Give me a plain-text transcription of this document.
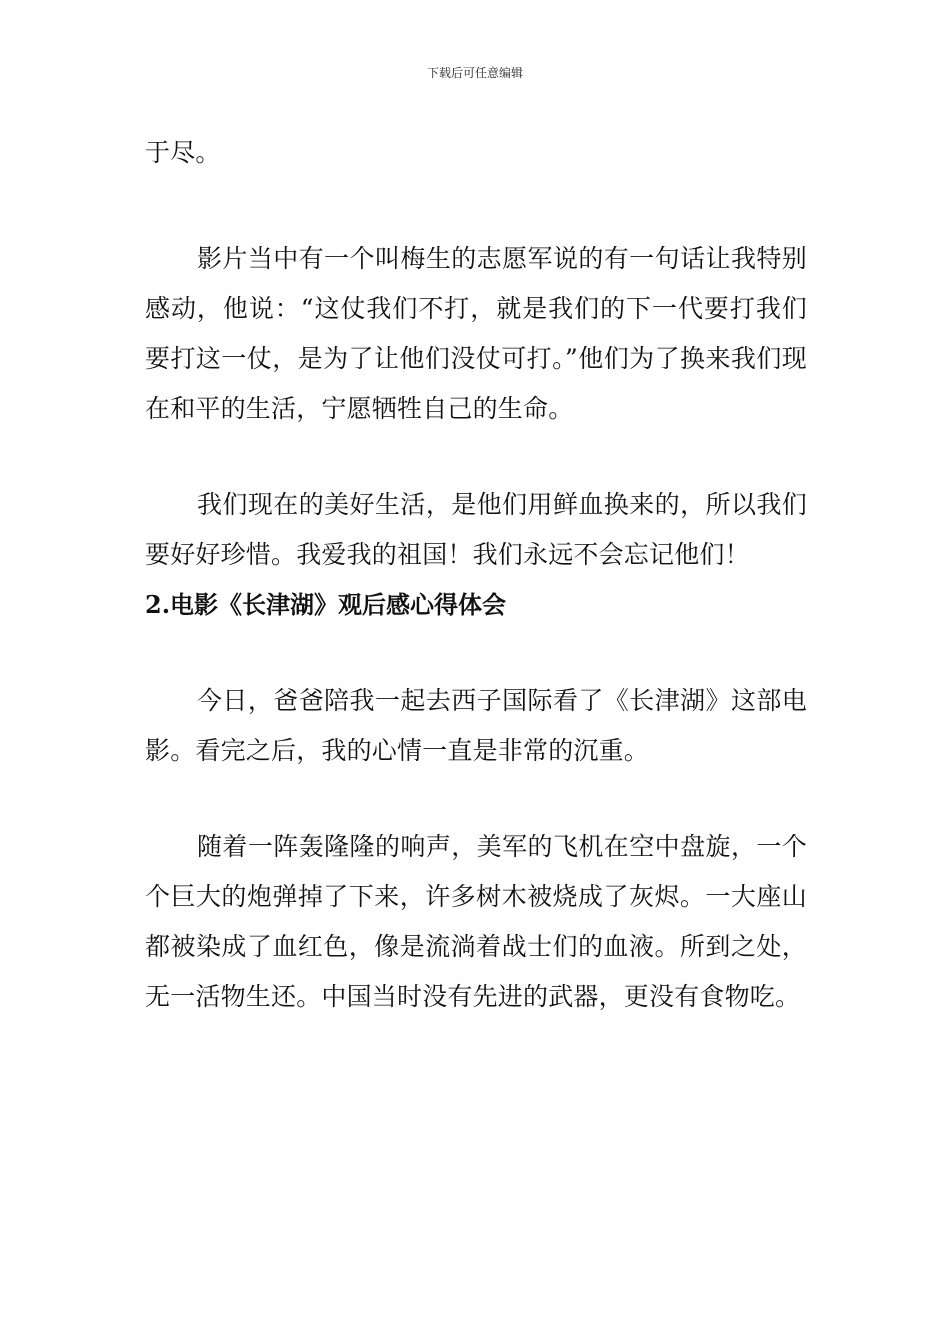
下载后可任意编辑

于尽。

影片当中有一个叫梅生的志愿军说的有一句话让我特别感动，他说：“这仗我们不打，就是我们的下一代要打我们要打这一仗，是为了让他们没仗可打。”他们为了换来我们现在和平的生活，宁愿牺牲自己的生命。

我们现在的美好生活，是他们用鲜血换来的，所以我们要好好珍惜。我爱我的祖国！我们永远不会忘记他们！

2.电影《长津湖》观后感心得体会

今日，爸爸陪我一起去西子国际看了《长津湖》这部电影。看完之后，我的心情一直是非常的沉重。

随着一阵轰隆隆的响声，美军的飞机在空中盘旋，一个个巨大的炮弹掉了下来，许多树木被烧成了灰烬。一大座山都被染成了血红色，像是流淌着战士们的血液。所到之处，无一活物生还。中国当时没有先进的武器，更没有食物吃。
